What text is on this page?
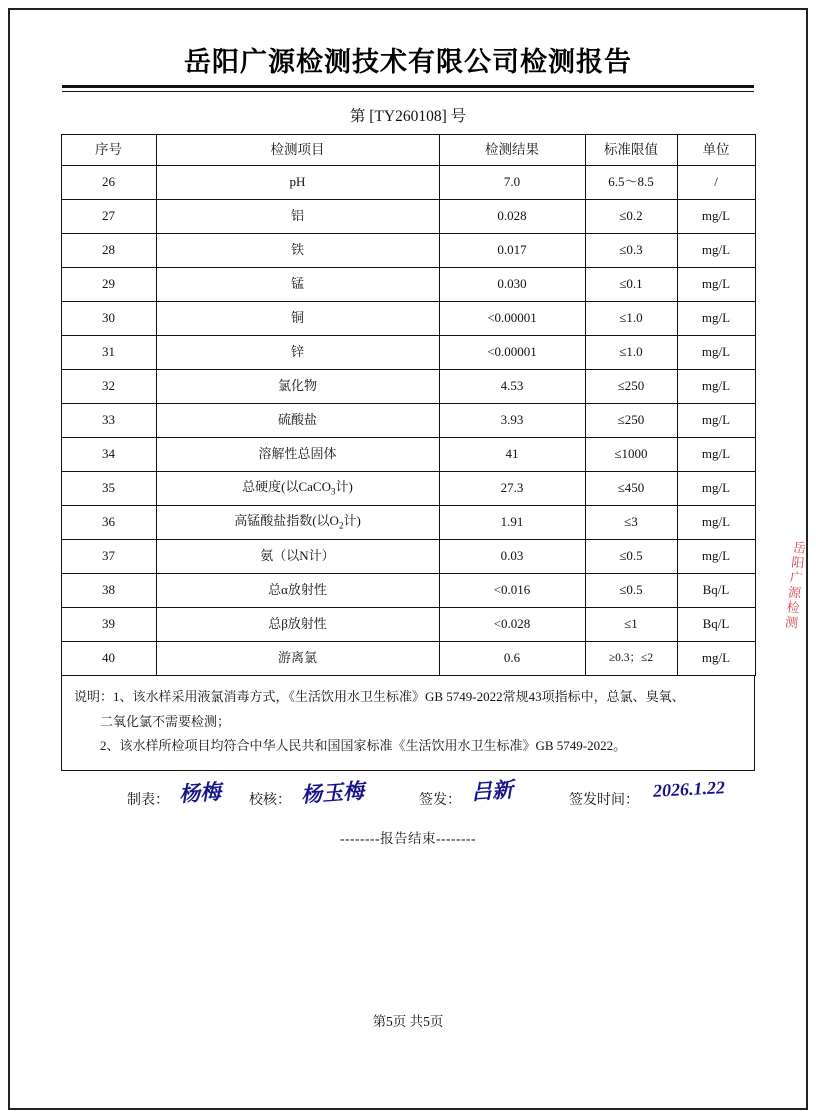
岳阳广源检测技术有限公司检测报告
第 [TY260108] 号
序号	检测项目	检测结果	标准限值	单位
26	pH	7.0	6.5～8.5	/
27	铝	0.028	≤0.2	mg/L
28	铁	0.017	≤0.3	mg/L
29	锰	0.030	≤0.1	mg/L
30	铜	<0.00001	≤1.0	mg/L
31	锌	<0.00001	≤1.0	mg/L
32	氯化物	4.53	≤250	mg/L
33	硫酸盐	3.93	≤250	mg/L
34	溶解性总固体	41	≤1000	mg/L
35	总硬度(以CaCO$_3$计)	27.3	≤450	mg/L
36	高锰酸盐指数(以$O_2$计)	1.91	≤3	mg/L
37	氨（以N计）	0.03	≤0.5	mg/L
38	总α放射性	<0.016	≤0.5	Bq/L
39	总β放射性	<0.028	≤1	Bq/L
40	游离氯	0.6	≥0.3；≤2	mg/L
说明：1、该水样采用液氯消毒方式，《生活饮用水卫生标准》GB 5749-2022常规43项指标中，总氯、臭氧、
二氧化氯不需要检测；
2、该水样所检项目均符合中华人民共和国国家标准《生活饮用水卫生标准》GB 5749-2022。
制表： 杨梅 校核： 杨玉梅	签发： 吕新	签发时间： 2026.1.22
--------报告结束--------
岳阳广源检测
第5页 共5页
